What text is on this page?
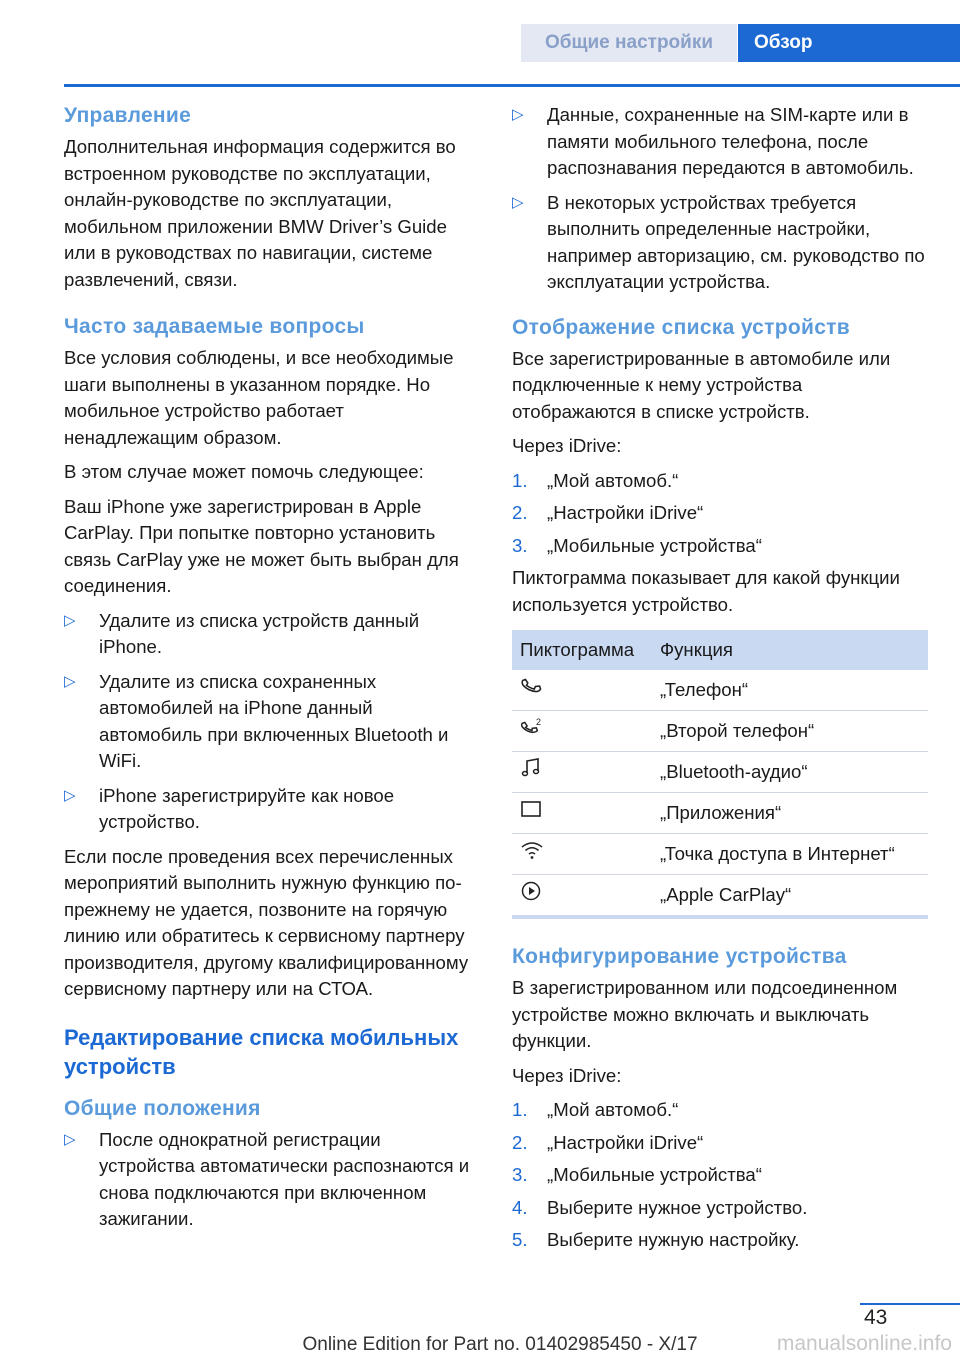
Общие настройки	Обзор
Управление

Дополнительная информация содержится во встроенном руководстве по эксплуатации, онлайн-руководстве по эксплуатации, мобильном приложении BMW Driver’s Guide или в руководствах по навигации, системе развлечений, связи.

Часто задаваемые вопросы

Все условия соблюдены, и все необходимые шаги выполнены в указанном порядке. Но мобильное устройство работает ненадлежащим образом.

В этом случае может помочь следующее:

Ваш iPhone уже зарегистрирован в Apple CarPlay. При попытке повторно установить связь CarPlay уже не может быть выбран для соединения.

▷ Удалите из списка устройств данный iPhone.
▷ Удалите из списка сохраненных автомобилей на iPhone данный автомобиль при включенных Bluetooth и WiFi.
▷ iPhone зарегистрируйте как новое устройство.

Если после проведения всех перечисленных мероприятий выполнить нужную функцию по-прежнему не удается, позвоните на горячую линию или обратитесь к сервисному партнеру производителя, другому квалифицированному сервисному партнеру или на СТОА.

Редактирование списка мобильных устройств
Общие положения
▷ После однократной регистрации устройства автоматически распознаются и снова подключаются при включенном зажигании.
▷ Данные, сохраненные на SIM-карте или в памяти мобильного телефона, после распознавания передаются в автомобиль.
▷ В некоторых устройствах требуется выполнить определенные настройки, например авторизацию, см. руководство по эксплуатации устройства.
Отображение списка устройств

Все зарегистрированные в автомобиле или подключенные к нему устройства отображаются в списке устройств.

Через iDrive:

1. „Мой автомоб.“
2. „Настройки iDrive“
3. „Мобильные устройства“

Пиктограмма показывает для какой функции используется устройство.

Пиктограмма	Функция
	„Телефон“

2	„Второй телефон“
	„Bluetooth-аудио“
	„Приложения“
	„Точка доступа в Интернет“
	„Apple CarPlay“
Конфигурирование устройства

В зарегистрированном или подсоединенном устройстве можно включать и выключать функции.

Через iDrive:

1. „Мой автомоб.“
2. „Настройки iDrive“
3. „Мобильные устройства“
4. Выберите нужное устройство.
5. Выберите нужную настройку.
43
Online Edition for Part no. 01402985450 - X/17	manualsonline.info
